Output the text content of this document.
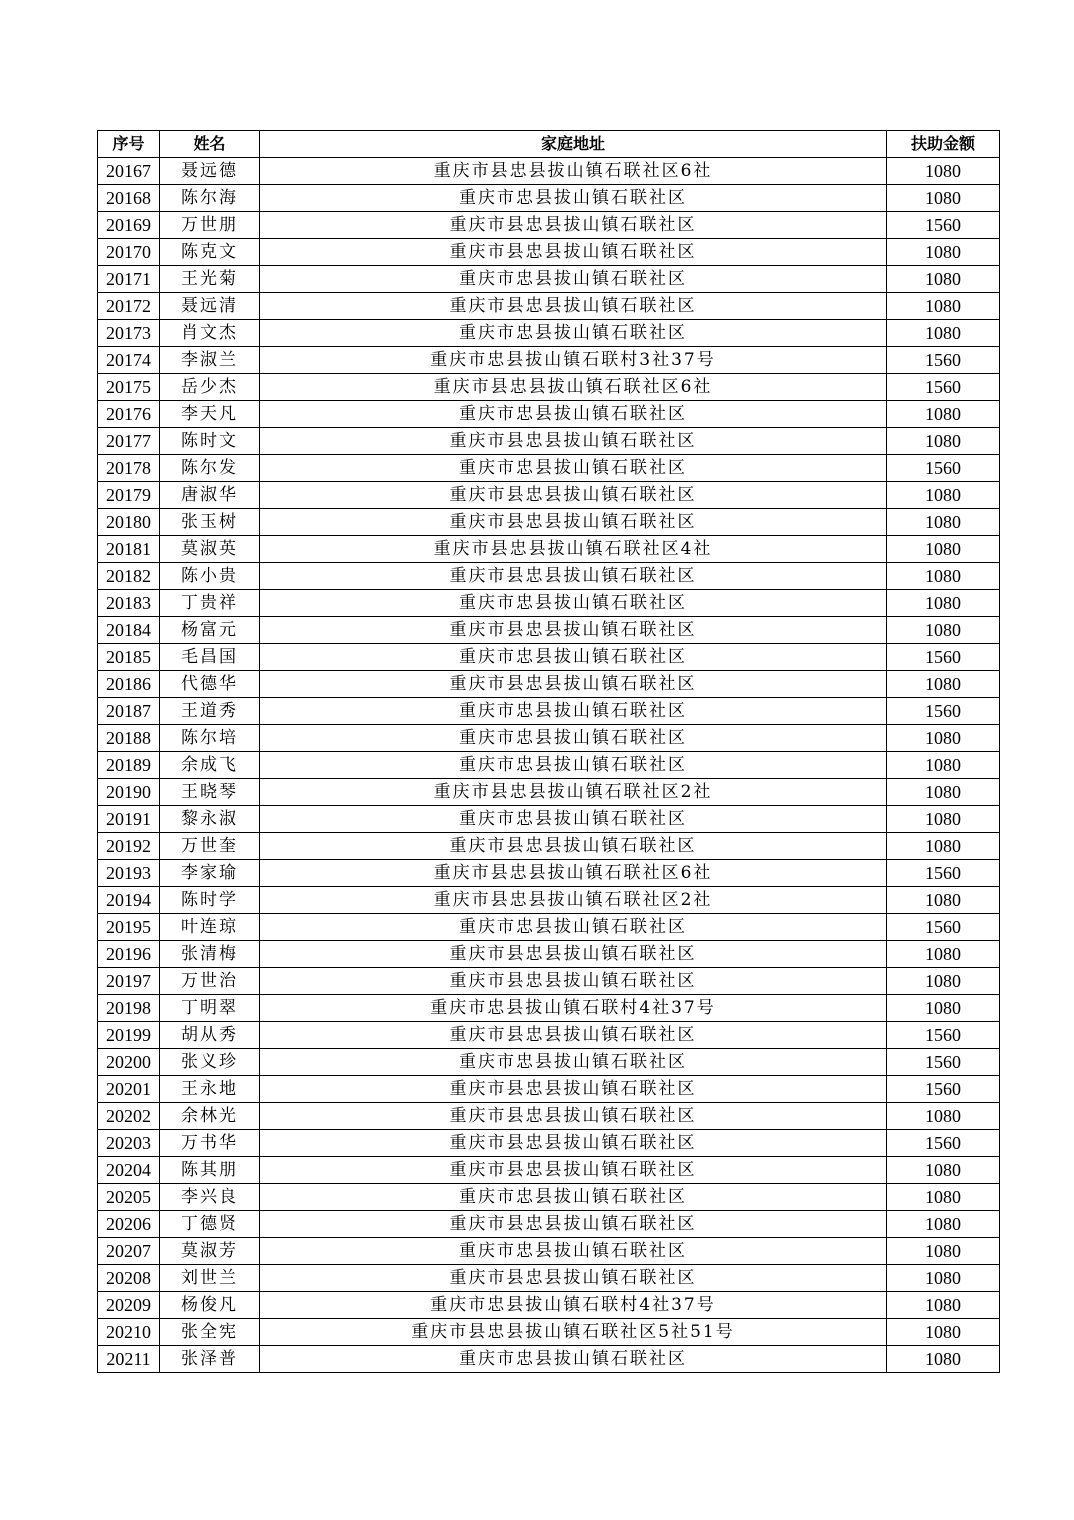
序号	姓名	家庭地址	扶助金额
20167	聂远德	重庆市县忠县拔山镇石联社区6社	1080
20168	陈尔海	重庆市忠县拔山镇石联社区	1080
20169	万世朋	重庆市县忠县拔山镇石联社区	1560
20170	陈克文	重庆市县忠县拔山镇石联社区	1080
20171	王光菊	重庆市忠县拔山镇石联社区	1080
20172	聂远清	重庆市县忠县拔山镇石联社区	1080
20173	肖文杰	重庆市忠县拔山镇石联社区	1080
20174	李淑兰	重庆市忠县拔山镇石联村3社37号	1560
20175	岳少杰	重庆市县忠县拔山镇石联社区6社	1560
20176	李天凡	重庆市忠县拔山镇石联社区	1080
20177	陈时文	重庆市县忠县拔山镇石联社区	1080
20178	陈尔发	重庆市忠县拔山镇石联社区	1560
20179	唐淑华	重庆市县忠县拔山镇石联社区	1080
20180	张玉树	重庆市县忠县拔山镇石联社区	1080
20181	莫淑英	重庆市县忠县拔山镇石联社区4社	1080
20182	陈小贵	重庆市县忠县拔山镇石联社区	1080
20183	丁贵祥	重庆市忠县拔山镇石联社区	1080
20184	杨富元	重庆市县忠县拔山镇石联社区	1080
20185	毛昌国	重庆市忠县拔山镇石联社区	1560
20186	代德华	重庆市县忠县拔山镇石联社区	1080
20187	王道秀	重庆市忠县拔山镇石联社区	1560
20188	陈尔培	重庆市忠县拔山镇石联社区	1080
20189	余成飞	重庆市忠县拔山镇石联社区	1080
20190	王晓琴	重庆市县忠县拔山镇石联社区2社	1080
20191	黎永淑	重庆市忠县拔山镇石联社区	1080
20192	万世奎	重庆市县忠县拔山镇石联社区	1080
20193	李家瑜	重庆市县忠县拔山镇石联社区6社	1560
20194	陈时学	重庆市县忠县拔山镇石联社区2社	1080
20195	叶连琼	重庆市忠县拔山镇石联社区	1560
20196	张清梅	重庆市县忠县拔山镇石联社区	1080
20197	万世治	重庆市县忠县拔山镇石联社区	1080
20198	丁明翠	重庆市忠县拔山镇石联村4社37号	1080
20199	胡从秀	重庆市县忠县拔山镇石联社区	1560
20200	张义珍	重庆市忠县拔山镇石联社区	1560
20201	王永地	重庆市县忠县拔山镇石联社区	1560
20202	余林光	重庆市县忠县拔山镇石联社区	1080
20203	万书华	重庆市县忠县拔山镇石联社区	1560
20204	陈其朋	重庆市县忠县拔山镇石联社区	1080
20205	李兴良	重庆市忠县拔山镇石联社区	1080
20206	丁德贤	重庆市县忠县拔山镇石联社区	1080
20207	莫淑芳	重庆市忠县拔山镇石联社区	1080
20208	刘世兰	重庆市县忠县拔山镇石联社区	1080
20209	杨俊凡	重庆市忠县拔山镇石联村4社37号	1080
20210	张全宪	重庆市县忠县拔山镇石联社区5社51号	1080
20211	张泽普	重庆市忠县拔山镇石联社区	1080
